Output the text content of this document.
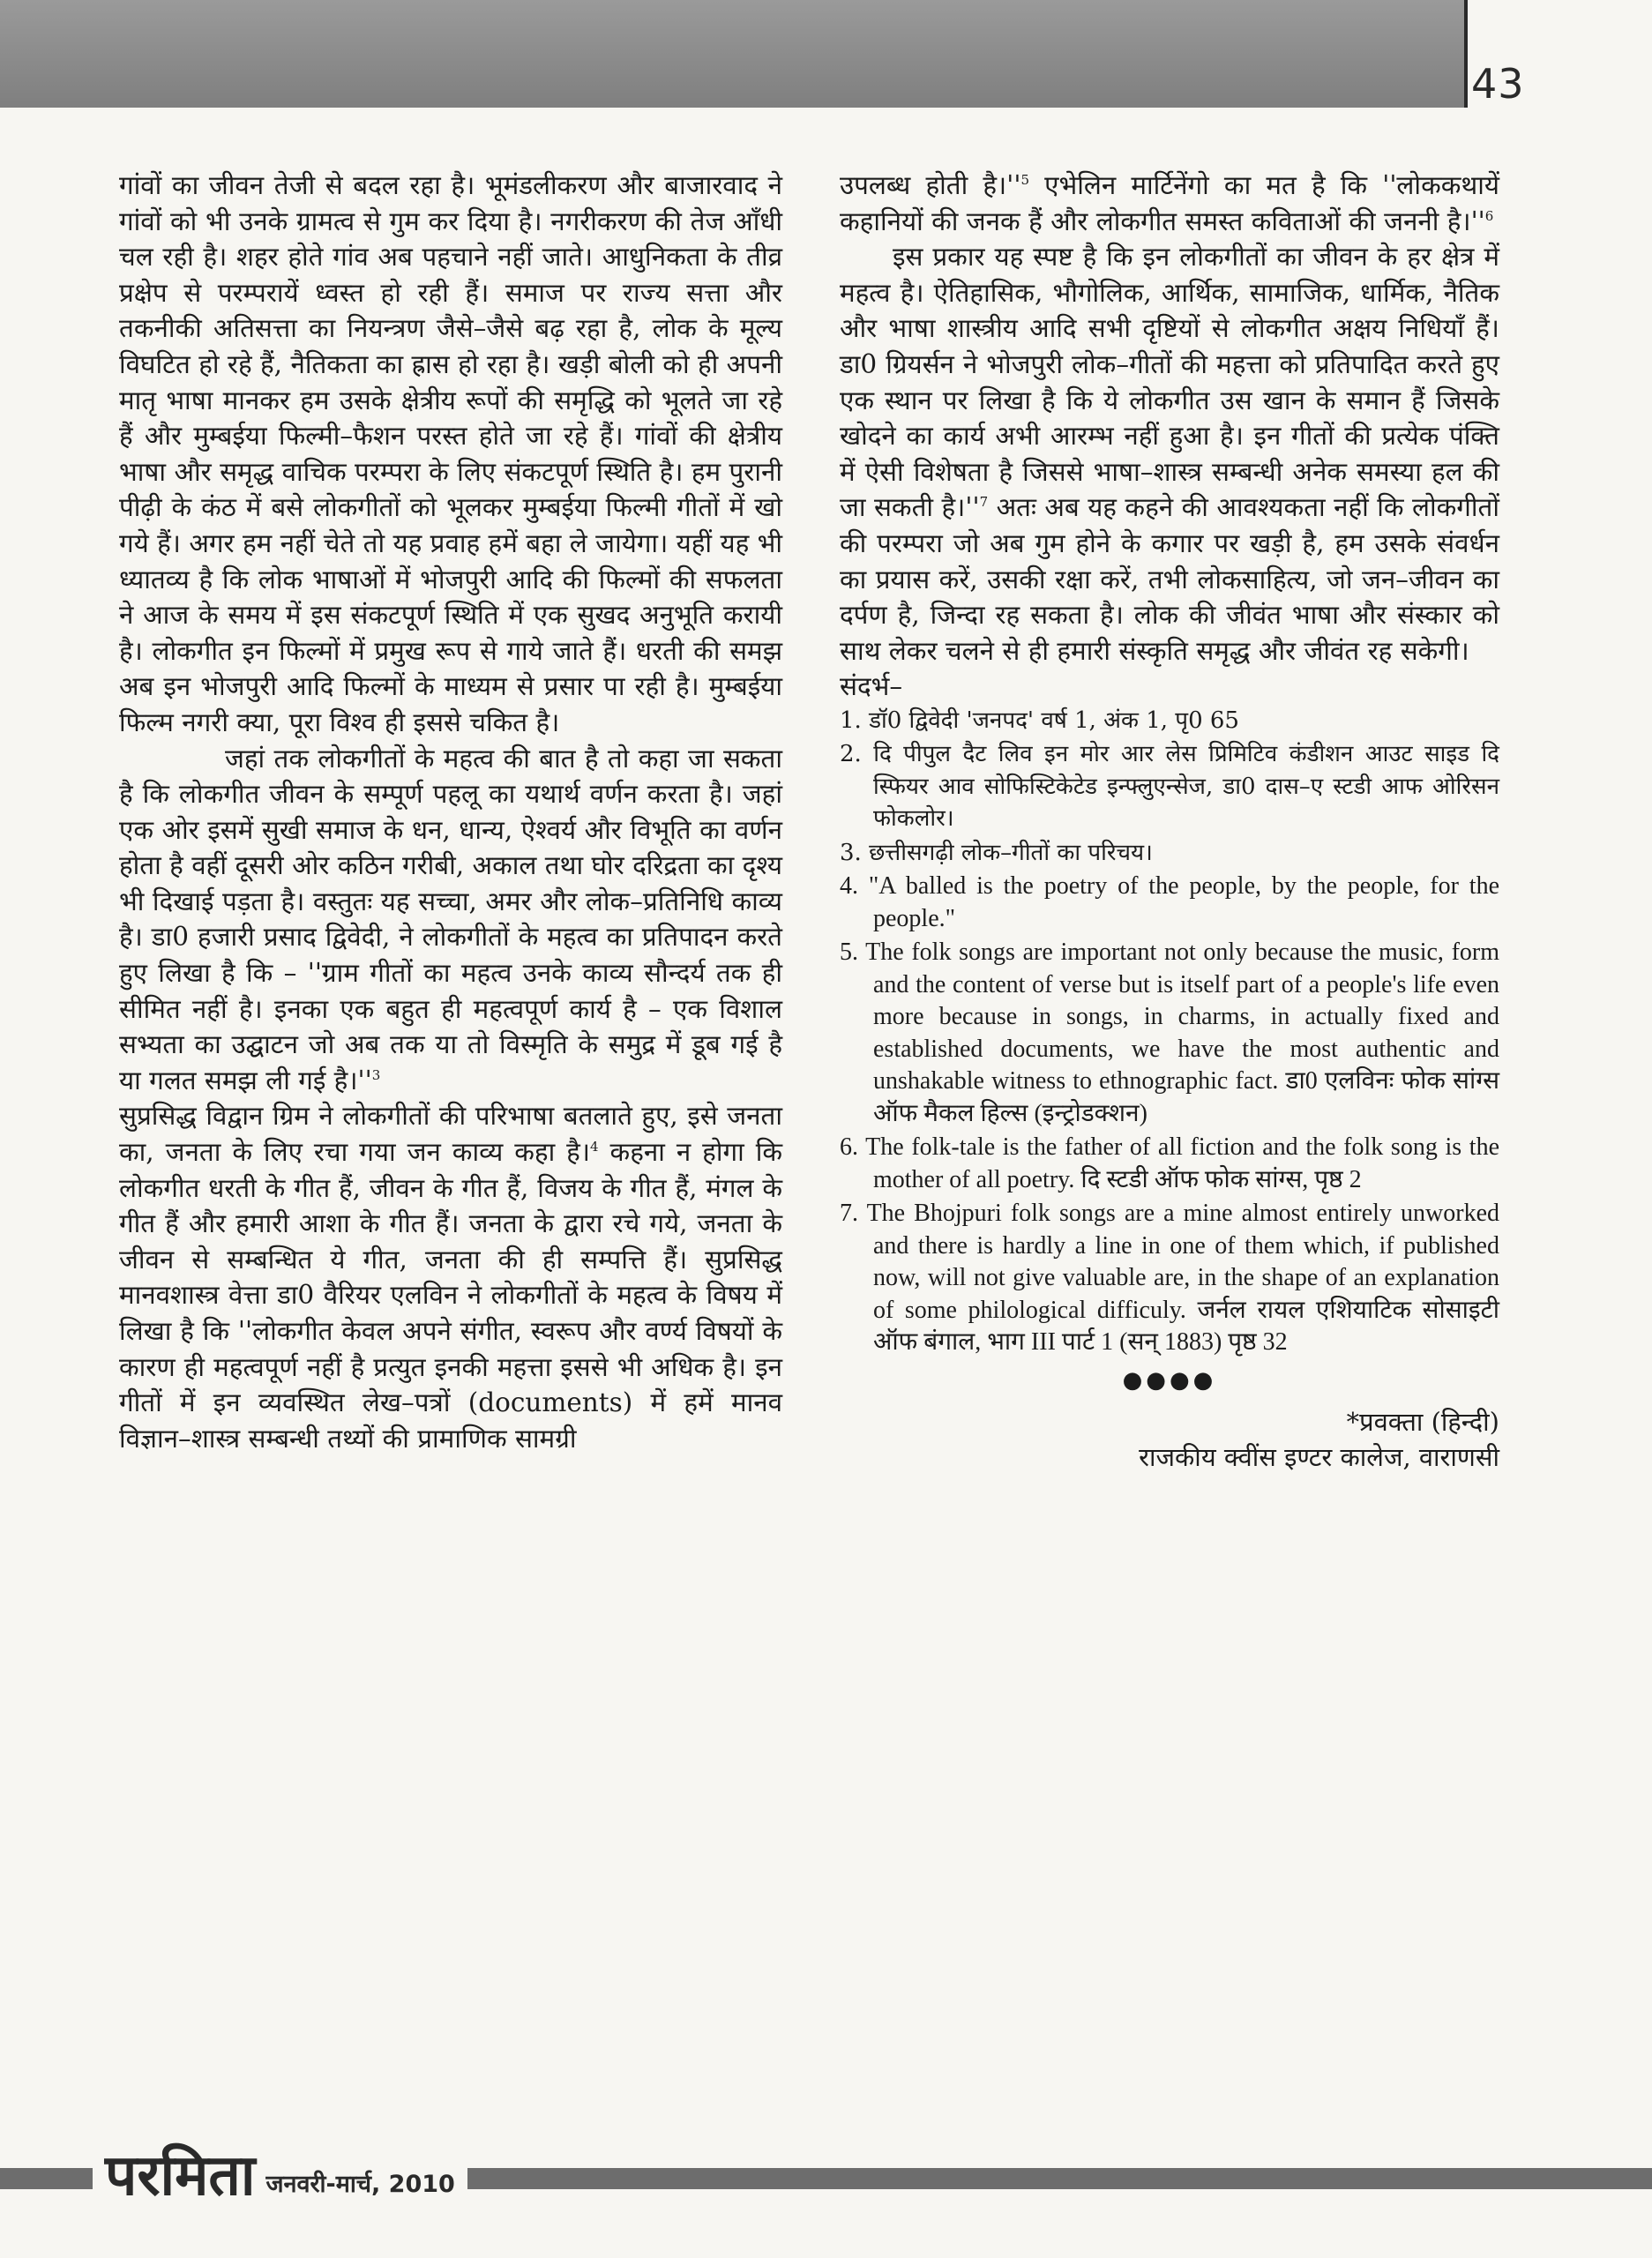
43

गांवों का जीवन तेजी से बदल रहा है। भूमंडलीकरण और बाजारवाद ने गांवों को भी उनके ग्रामत्व से गुम कर दिया है। नगरीकरण की तेज आँधी चल रही है। शहर होते गांव अब पहचाने नहीं जाते। आधुनिकता के तीव्र प्रक्षेप से परम्परायें ध्वस्त हो रही हैं। समाज पर राज्य सत्ता और तकनीकी अतिसत्ता का नियन्त्रण जैसे–जैसे बढ़ रहा है, लोक के मूल्य विघटित हो रहे हैं, नैतिकता का ह्रास हो रहा है। खड़ी बोली को ही अपनी मातृ भाषा मानकर हम उसके क्षेत्रीय रूपों की समृद्धि को भूलते जा रहे हैं और मुम्बईया फिल्मी–फैशन परस्त होते जा रहे हैं। गांवों की क्षेत्रीय भाषा और समृद्ध वाचिक परम्परा के लिए संकटपूर्ण स्थिति है। हम पुरानी पीढ़ी के कंठ में बसे लोकगीतों को भूलकर मुम्बईया फिल्मी गीतों में खो गये हैं। अगर हम नहीं चेते तो यह प्रवाह हमें बहा ले जायेगा। यहीं यह भी ध्यातव्य है कि लोक भाषाओं में भोजपुरी आदि की फिल्मों की सफलता ने आज के समय में इस संकटपूर्ण स्थिति में एक सुखद अनुभूति करायी है। लोकगीत इन फिल्मों में प्रमुख रूप से गाये जाते हैं। धरती की समझ अब इन भोजपुरी आदि फिल्मों के माध्यम से प्रसार पा रही है। मुम्बईया फिल्म नगरी क्या, पूरा विश्व ही इससे चकित है।

जहां तक लोकगीतों के महत्व की बात है तो कहा जा सकता है कि लोकगीत जीवन के सम्पूर्ण पहलू का यथार्थ वर्णन करता है। जहां एक ओर इसमें सुखी समाज के धन, धान्य, ऐश्वर्य और विभूति का वर्णन होता है वहीं दूसरी ओर कठिन गरीबी, अकाल तथा घोर दरिद्रता का दृश्य भी दिखाई पड़ता है। वस्तुतः यह सच्चा, अमर और लोक–प्रतिनिधि काव्य है। डा0 हजारी प्रसाद द्विवेदी, ने लोकगीतों के महत्व का प्रतिपादन करते हुए लिखा है कि – ''ग्राम गीतों का महत्व उनके काव्य सौन्दर्य तक ही सीमित नहीं है। इनका एक बहुत ही महत्वपूर्ण कार्य है – एक विशाल सभ्यता का उद्घाटन जो अब तक या तो विस्मृति के समुद्र में डूब गई है या गलत समझ ली गई $है।''^3$

सुप्रसिद्ध विद्वान ग्रिम ने लोकगीतों की परिभाषा बतलाते हुए, इसे जनता का, जनता के लिए रचा गया जन काव्य कहा है।$^4$ कहना न होगा कि लोकगीत धरती के गीत हैं, जीवन के गीत हैं, विजय के गीत हैं, मंगल के गीत हैं और हमारी आशा के गीत हैं। जनता के द्वारा रचे गये, जनता के जीवन से सम्बन्धित ये गीत, जनता की ही सम्पत्ति हैं। सुप्रसिद्ध मानवशास्त्र वेत्ता डा0 वैरियर एलविन ने लोकगीतों के महत्व के विषय में लिखा है कि ''लोकगीत केवल अपने संगीत, स्वरूप और वर्ण्य विषयों के कारण ही महत्वपूर्ण नहीं है प्रत्युत इनकी महत्ता इससे भी अधिक है। इन गीतों में इन व्यवस्थित लेख–पत्रों (documents) में हमें मानव विज्ञान–शास्त्र सम्बन्धी तथ्यों की प्रामाणिक सामग्री

उपलब्ध होती $है।''^5$ एभेलिन मार्टिनेंगो का मत है कि ''लोककथायें कहानियों की जनक हैं और लोकगीत समस्त कविताओं की जननी $है।''^6$

इस प्रकार यह स्पष्ट है कि इन लोकगीतों का जीवन के हर क्षेत्र में महत्व है। ऐतिहासिक, भौगोलिक, आर्थिक, सामाजिक, धार्मिक, नैतिक और भाषा शास्त्रीय आदि सभी दृष्टियों से लोकगीत अक्षय निधियाँ हैं। डा0 ग्रियर्सन ने भोजपुरी लोक–गीतों की महत्ता को प्रतिपादित करते हुए एक स्थान पर लिखा है कि ये लोकगीत उस खान के समान हैं जिसके खोदने का कार्य अभी आरम्भ नहीं हुआ है। इन गीतों की प्रत्येक पंक्ति में ऐसी विशेषता है जिससे भाषा–शास्त्र सम्बन्धी अनेक समस्या हल की जा सकती $है।''^7$ अतः अब यह कहने की आवश्यकता नहीं कि लोकगीतों की परम्परा जो अब गुम होने के कगार पर खड़ी है, हम उसके संवर्धन का प्रयास करें, उसकी रक्षा करें, तभी लोकसाहित्य, जो जन–जीवन का दर्पण है, जिन्दा रह सकता है। लोक की जीवंत भाषा और संस्कार को साथ लेकर चलने से ही हमारी संस्कृति समृद्ध और जीवंत रह सकेगी।

संदर्भ–

1. डॉ0 द्विवेदी 'जनपद' वर्ष 1, अंक 1, पृ0 65
2. दि पीपुल दैट लिव इन मोर आर लेस प्रिमिटिव कंडीशन आउट साइड दि स्फियर आव सोफिस्टिकेटेड इन्फ्लुएन्सेज, डा0 दास–ए स्टडी आफ ओरिसन फोकलोर।
3. छत्तीसगढ़ी लोक–गीतों का परिचय।
4. "A balled is the poetry of the people, by the people, for the people."
5. The folk songs are important not only because the music, form and the content of verse but is itself part of a people's life even more because in songs, in charms, in actually fixed and established documents, we have the most authentic and unshakable witness to ethnographic fact. डा0 एलविनः फोक सांग्स ऑफ मैकल हिल्स (इन्ट्रोडक्शन)
6. The folk-tale is the father of all fiction and the folk song is the mother of all poetry. दि स्टडी ऑफ फोक सांग्स, पृष्ठ 2
7. The Bhojpuri folk songs are a mine almost entirely unworked and there is hardly a line in one of them which, if published now, will not give valuable are, in the shape of an explanation of some philological difficuly. जर्नल रायल एशियाटिक सोसाइटी ऑफ बंगाल, भाग III पार्ट 1 (सन् 1883) पृष्ठ 32
●●●●
*प्रवक्ता (हिन्दी)
राजकीय क्वींस इण्टर कालेज, वाराणसी
परमिता जनवरी-मार्च, 2010
